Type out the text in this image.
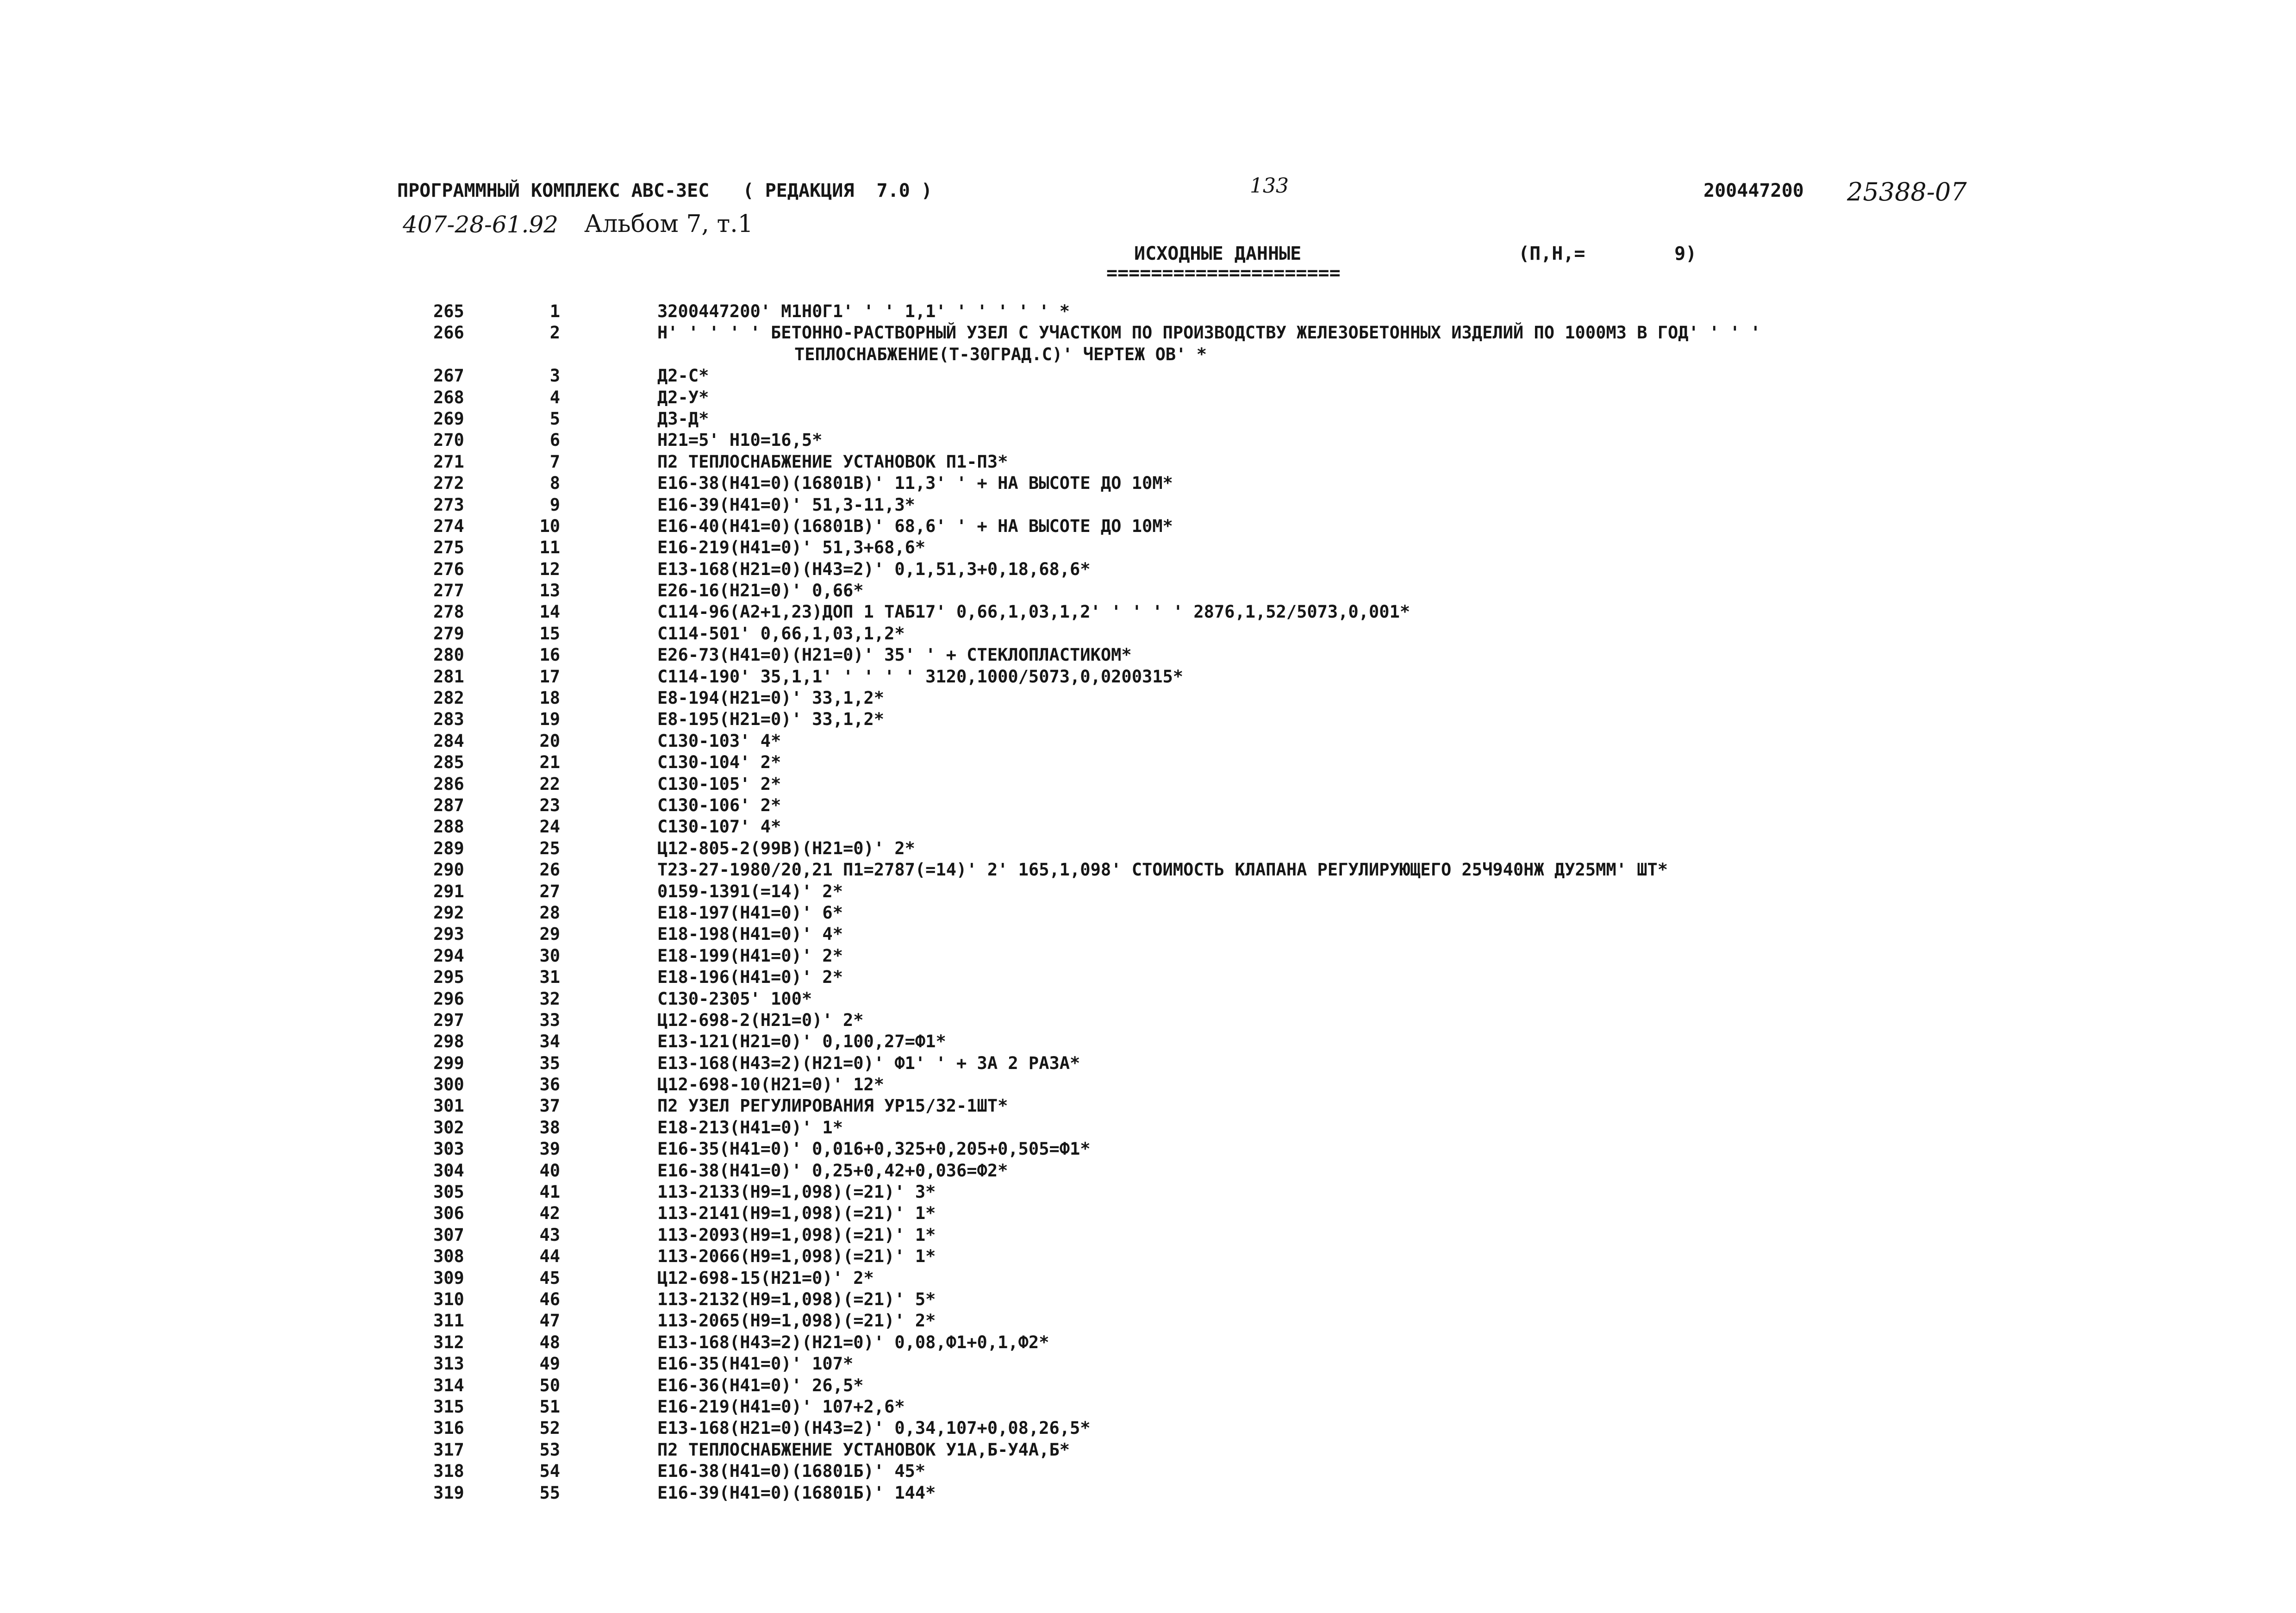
ПРОГРАММНЫЙ КОМПЛЕКС АВС-3ЕС   ( РЕДАКЦИЯ  7.0 )	133	200447200 25388-07
407-28-61.92 Альбом 7, т.1
ИСХОДНЫЕ ДАННЫЕ	(П,Н,=        9)
=====================
265	1	3200447200' М1Н0Г1' ' ' 1,1' ' ' ' ' ' *
266	2	Н' ' ' ' ' БЕТОННО-РАСТВОРНЫЙ УЗЕЛ С УЧАСТКОМ ПО ПРОИЗВОДСТВУ ЖЕЛЕЗОБЕТОННЫХ ИЗДЕЛИЙ ПО 1000М3 В ГОД' ' ' '
ТЕПЛОСНАБЖЕНИЕ(Т-30ГРАД.С)' ЧЕРТЕЖ ОВ' *
267	3	Д2-С*
268	4	Д2-У*
269	5	Д3-Д*
270	6	Н21=5' Н10=16,5*
271	7	П2 ТЕПЛОСНАБЖЕНИЕ УСТАНОВОК П1-П3*
272	8	Е16-38(Н41=0)(16801В)' 11,3' ' + НА ВЫСОТЕ ДО 10М*
273	9	Е16-39(Н41=0)' 51,3-11,3*
274	10	Е16-40(Н41=0)(16801В)' 68,6' ' + НА ВЫСОТЕ ДО 10М*
275	11	Е16-219(Н41=0)' 51,3+68,6*
276	12	Е13-168(Н21=0)(Н43=2)' 0,1,51,3+0,18,68,6*
277	13	Е26-16(Н21=0)' 0,66*
278	14	С114-96(А2+1,23)ДОП 1 ТАБ17' 0,66,1,03,1,2' ' ' ' ' 2876,1,52/5073,0,001*
279	15	С114-501' 0,66,1,03,1,2*
280	16	Е26-73(Н41=0)(Н21=0)' 35' ' + СТЕКЛОПЛАСТИКОМ*
281	17	С114-190' 35,1,1' ' ' ' ' 3120,1000/5073,0,0200315*
282	18	Е8-194(Н21=0)' 33,1,2*
283	19	Е8-195(Н21=0)' 33,1,2*
284	20	С130-103' 4*
285	21	С130-104' 2*
286	22	С130-105' 2*
287	23	С130-106' 2*
288	24	С130-107' 4*
289	25	Ц12-805-2(99В)(Н21=0)' 2*
290	26	Т23-27-1980/20,21 П1=2787(=14)' 2' 165,1,098' СТОИМОСТЬ КЛАПАНА РЕГУЛИРУЮЩЕГО 25Ч940НЖ ДУ25ММ' ШТ*
291	27	0159-1391(=14)' 2*
292	28	Е18-197(Н41=0)' 6*
293	29	Е18-198(Н41=0)' 4*
294	30	Е18-199(Н41=0)' 2*
295	31	Е18-196(Н41=0)' 2*
296	32	С130-2305' 100*
297	33	Ц12-698-2(Н21=0)' 2*
298	34	Е13-121(Н21=0)' 0,100,27=Ф1*
299	35	Е13-168(Н43=2)(Н21=0)' Ф1' ' + ЗА 2 РАЗА*
300	36	Ц12-698-10(Н21=0)' 12*
301	37	П2 УЗЕЛ РЕГУЛИРОВАНИЯ УР15/32-1ШТ*
302	38	Е18-213(Н41=0)' 1*
303	39	Е16-35(Н41=0)' 0,016+0,325+0,205+0,505=Ф1*
304	40	Е16-38(Н41=0)' 0,25+0,42+0,036=Ф2*
305	41	113-2133(Н9=1,098)(=21)' 3*
306	42	113-2141(Н9=1,098)(=21)' 1*
307	43	113-2093(Н9=1,098)(=21)' 1*
308	44	113-2066(Н9=1,098)(=21)' 1*
309	45	Ц12-698-15(Н21=0)' 2*
310	46	113-2132(Н9=1,098)(=21)' 5*
311	47	113-2065(Н9=1,098)(=21)' 2*
312	48	Е13-168(Н43=2)(Н21=0)' 0,08,Ф1+0,1,Ф2*
313	49	Е16-35(Н41=0)' 107*
314	50	Е16-36(Н41=0)' 26,5*
315	51	Е16-219(Н41=0)' 107+2,6*
316	52	Е13-168(Н21=0)(Н43=2)' 0,34,107+0,08,26,5*
317	53	П2 ТЕПЛОСНАБЖЕНИЕ УСТАНОВОК У1А,Б-У4А,Б*
318	54	Е16-38(Н41=0)(16801Б)' 45*
319	55	Е16-39(Н41=0)(16801Б)' 144*
